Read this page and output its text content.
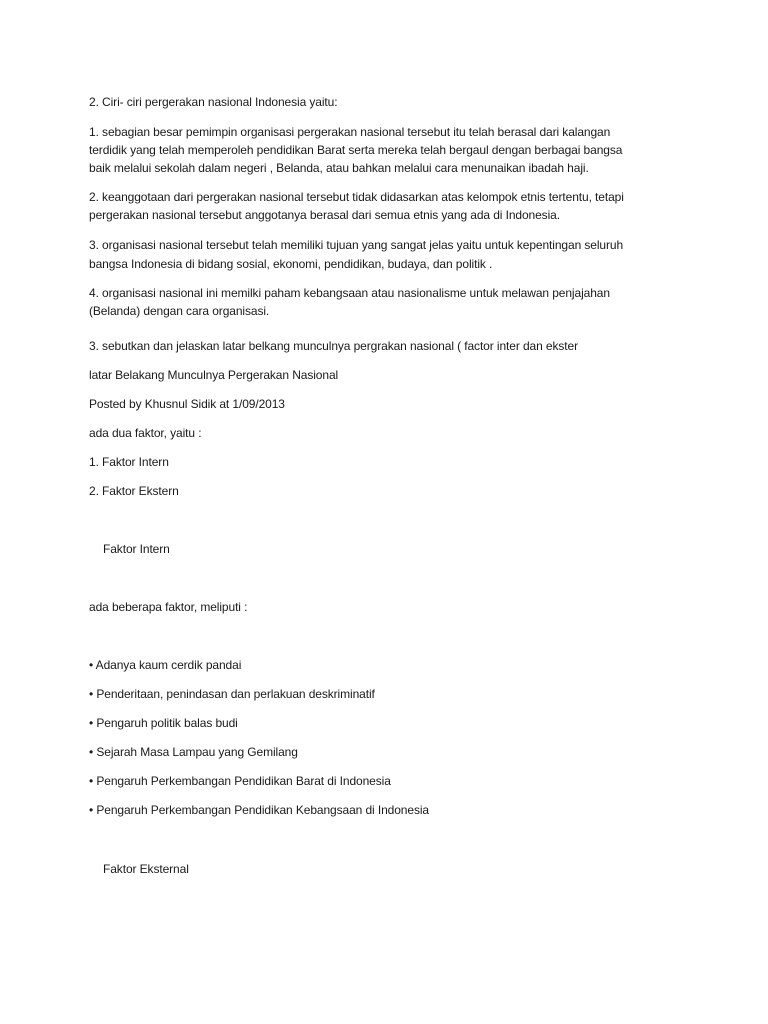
2. Ciri- ciri pergerakan nasional Indonesia yaitu:

1. sebagian besar pemimpin organisasi pergerakan nasional tersebut itu telah berasal dari kalangan

terdidik yang telah memperoleh pendidikan Barat serta mereka telah bergaul dengan berbagai bangsa

baik melalui sekolah dalam negeri , Belanda, atau bahkan melalui cara menunaikan ibadah haji.

2. keanggotaan dari pergerakan nasional tersebut tidak didasarkan atas kelompok etnis tertentu, tetapi

pergerakan nasional tersebut anggotanya berasal dari semua etnis yang ada di Indonesia.

3. organisasi nasional tersebut telah memiliki tujuan yang sangat jelas yaitu untuk kepentingan seluruh

bangsa Indonesia di bidang sosial, ekonomi, pendidikan, budaya, dan politik .

4. organisasi nasional ini memilki paham kebangsaan atau nasionalisme untuk melawan penjajahan

(Belanda) dengan cara organisasi.

3. sebutkan dan jelaskan latar belkang munculnya pergrakan nasional ( factor inter dan ekster

latar Belakang Munculnya Pergerakan Nasional

Posted by Khusnul Sidik at 1/09/2013

ada dua faktor, yaitu :

1. Faktor Intern

2. Faktor Ekstern

Faktor Intern

ada beberapa faktor, meliputi :

• Adanya kaum cerdik pandai

• Penderitaan, penindasan dan perlakuan deskriminatif

• Pengaruh politik balas budi

• Sejarah Masa Lampau yang Gemilang

• Pengaruh Perkembangan Pendidikan Barat di Indonesia

• Pengaruh Perkembangan Pendidikan Kebangsaan di Indonesia

Faktor Eksternal
